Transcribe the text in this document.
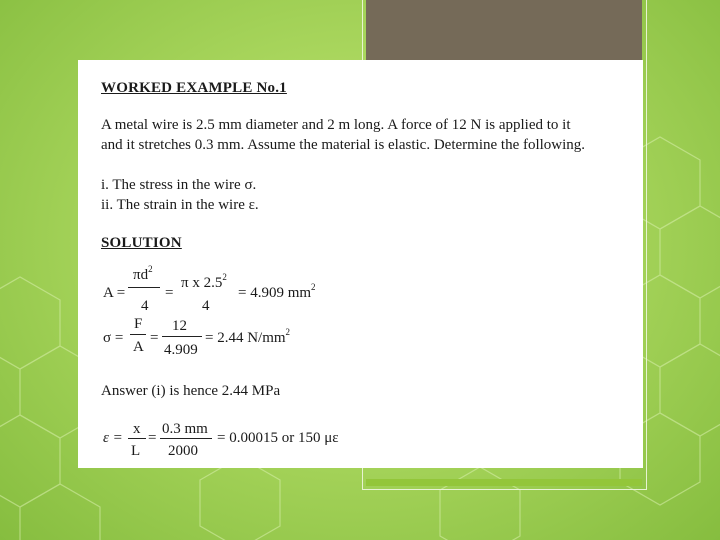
WORKED EXAMPLE No.1
A metal wire is 2.5 mm diameter and 2 m long. A force of 12 N is applied to it
and it stretches 0.3 mm. Assume the material is elastic. Determine the following.
i. The stress in the wire σ.
ii. The strain in the wire ε.
SOLUTION
A =
$\pi d^2$
4
=
π x $2.5^2$
4
= 4.909 $mm^2$
σ =
F
A
=
12
4.909
= 2.44 $N/mm^2$
Answer (i) is hence 2.44 MPa
ε =
x
L
=
0.3 mm
2000
= 0.00015 or 150 με
